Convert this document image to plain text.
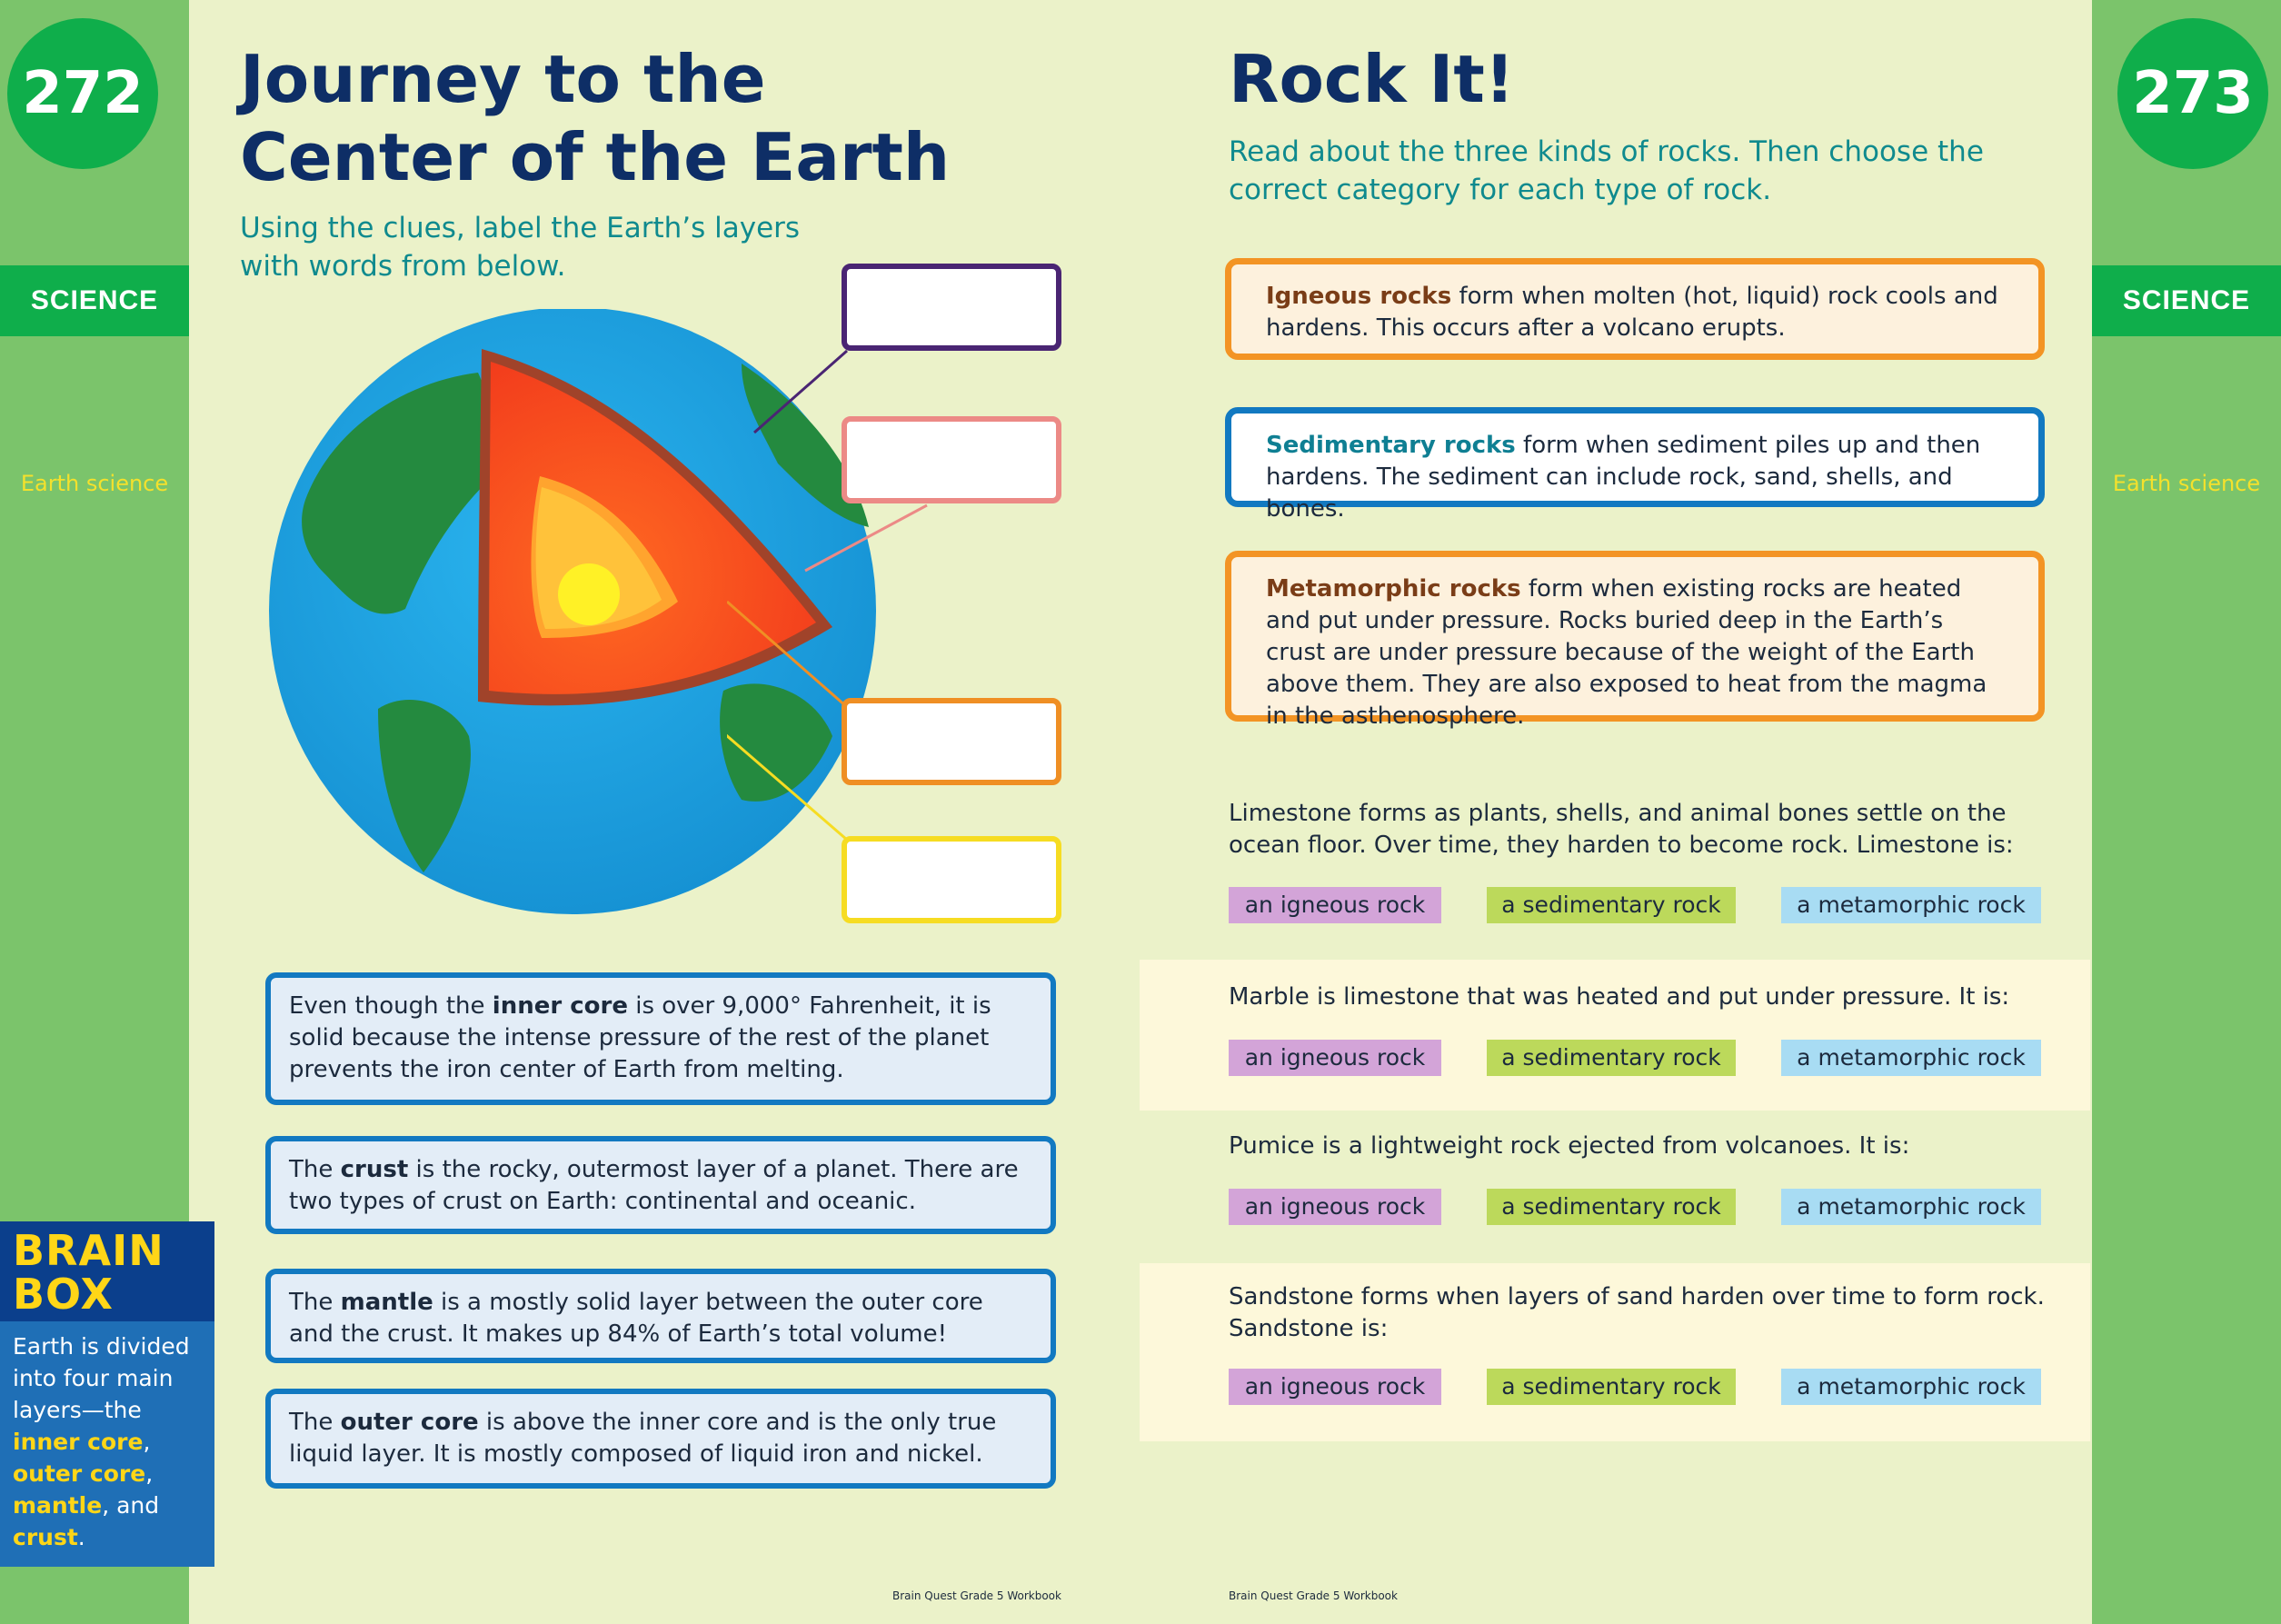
272
SCIENCE
Earth science
273
SCIENCE
Earth science
BRAIN
BOX
Earth is divided into four main layers—the inner core, outer core, mantle, and crust.
Journey to the Center of the Earth
Using the clues, label the Earth’s layers with words from below.
Even though the inner core is over 9,000° Fahrenheit, it is solid because the intense pressure of the rest of the planet prevents the iron center of Earth from melting.
The crust is the rocky, outermost layer of a planet. There are two types of crust on Earth: continental and oceanic.
The mantle is a mostly solid layer between the outer core and the crust. It makes up 84% of Earth’s total volume!
The outer core is above the inner core and is the only true liquid layer. It is mostly composed of liquid iron and nickel.
Brain Quest Grade 5 Workbook
Rock It!
Read about the three kinds of rocks. Then choose the correct category for each type of rock.
Igneous rocks form when molten (hot, liquid) rock cools and hardens. This occurs after a volcano erupts.
Sedimentary rocks form when sediment piles up and then hardens. The sediment can include rock, sand, shells, and bones.
Metamorphic rocks form when existing rocks are heated and put under pressure. Rocks buried deep in the Earth’s crust are under pressure because of the weight of the Earth above them. They are also exposed to heat from the magma in the asthenosphere.
Limestone forms as plants, shells, and animal bones settle on the ocean floor. Over time, they harden to become rock. Limestone is:
an igneous rock	a sedimentary rock	a metamorphic rock
Marble is limestone that was heated and put under pressure. It is:
an igneous rock	a sedimentary rock	a metamorphic rock
Pumice is a lightweight rock ejected from volcanoes. It is:
an igneous rock	a sedimentary rock	a metamorphic rock
Sandstone forms when layers of sand harden over time to form rock. Sandstone is:
an igneous rock	a sedimentary rock	a metamorphic rock
Brain Quest Grade 5 Workbook
